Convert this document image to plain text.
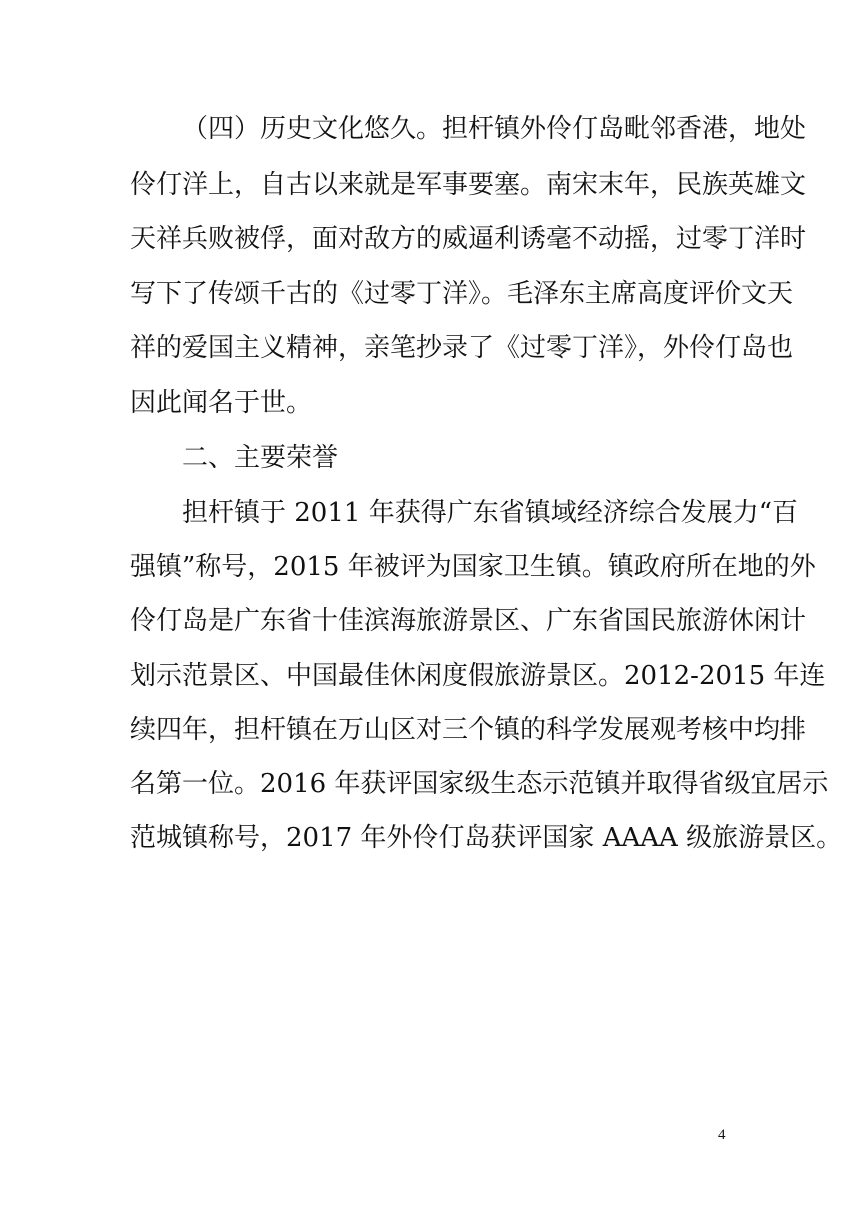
（四）历史文化悠久。担杆镇外伶仃岛毗邻香港，地处
伶仃洋上，自古以来就是军事要塞。南宋末年，民族英雄文
天祥兵败被俘，面对敌方的威逼利诱毫不动摇，过零丁洋时
写下了传颂千古的《过零丁洋》。毛泽东主席高度评价文天
祥的爱国主义精神，亲笔抄录了《过零丁洋》，外伶仃岛也
因此闻名于世。
二、主要荣誉
担杆镇于 2011 年获得广东省镇域经济综合发展力“百
强镇”称号，2015 年被评为国家卫生镇。镇政府所在地的外
伶仃岛是广东省十佳滨海旅游景区、广东省国民旅游休闲计
划示范景区、中国最佳休闲度假旅游景区。2012-2015 年连
续四年，担杆镇在万山区对三个镇的科学发展观考核中均排
名第一位。2016 年获评国家级生态示范镇并取得省级宜居示
范城镇称号，2017 年外伶仃岛获评国家 AAAA 级旅游景区。
4
